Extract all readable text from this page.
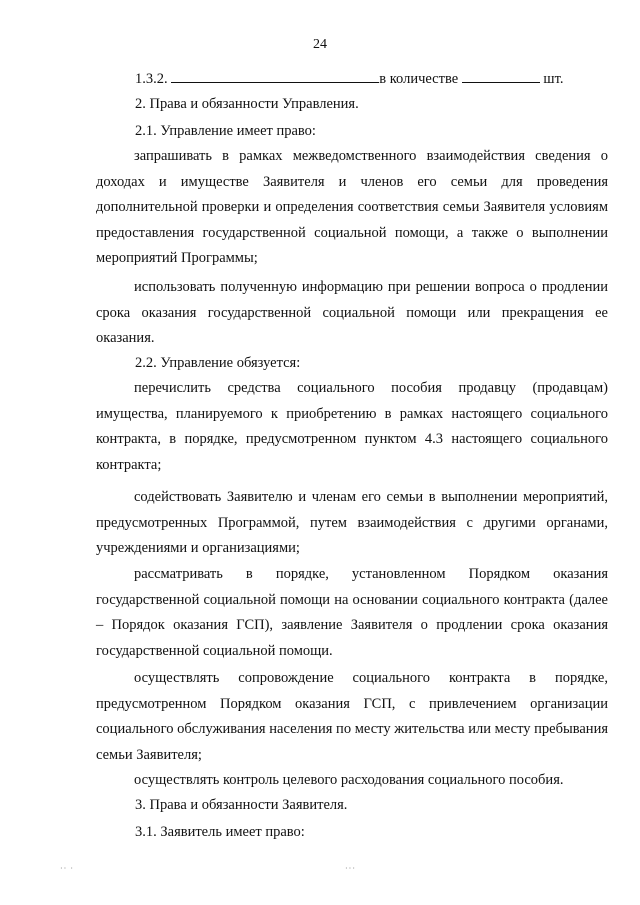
24
1.3.2.	в количестве	шт.
2. Права и обязанности Управления.
2.1. Управление имеет право:

запрашивать в рамках межведомственного взаимодействия сведения о доходах и имуществе Заявителя и членов его семьи для проведения дополнительной проверки и определения соответствия семьи Заявителя условиям предоставления государственной социальной помощи, а также о выполнении мероприятий Программы;

использовать полученную информацию при решении вопроса о продлении срока оказания государственной социальной помощи или прекращения ее оказания.

2.2. Управление обязуется:

перечислить средства социального пособия продавцу (продавцам) имущества, планируемого к приобретению в рамках настоящего социального контракта, в порядке, предусмотренном пунктом 4.3 настоящего социального контракта;

содействовать Заявителю и членам его семьи в выполнении мероприятий, предусмотренных Программой, путем взаимодействия с другими органами, учреждениями и организациями;

рассматривать в порядке, установленном Порядком оказания государственной социальной помощи на основании социального контракта (далее – Порядок оказания ГСП), заявление Заявителя о продлении срока оказания государственной социальной помощи.

осуществлять сопровождение социального контракта в порядке, предусмотренном Порядком оказания ГСП, с привлечением организации социального обслуживания населения по месту жительства или месту пребывания семьи Заявителя;

осуществлять контроль целевого расходования социального пособия.

3. Права и обязанности Заявителя.
3.1. Заявитель имеет право:
·· ·	···
